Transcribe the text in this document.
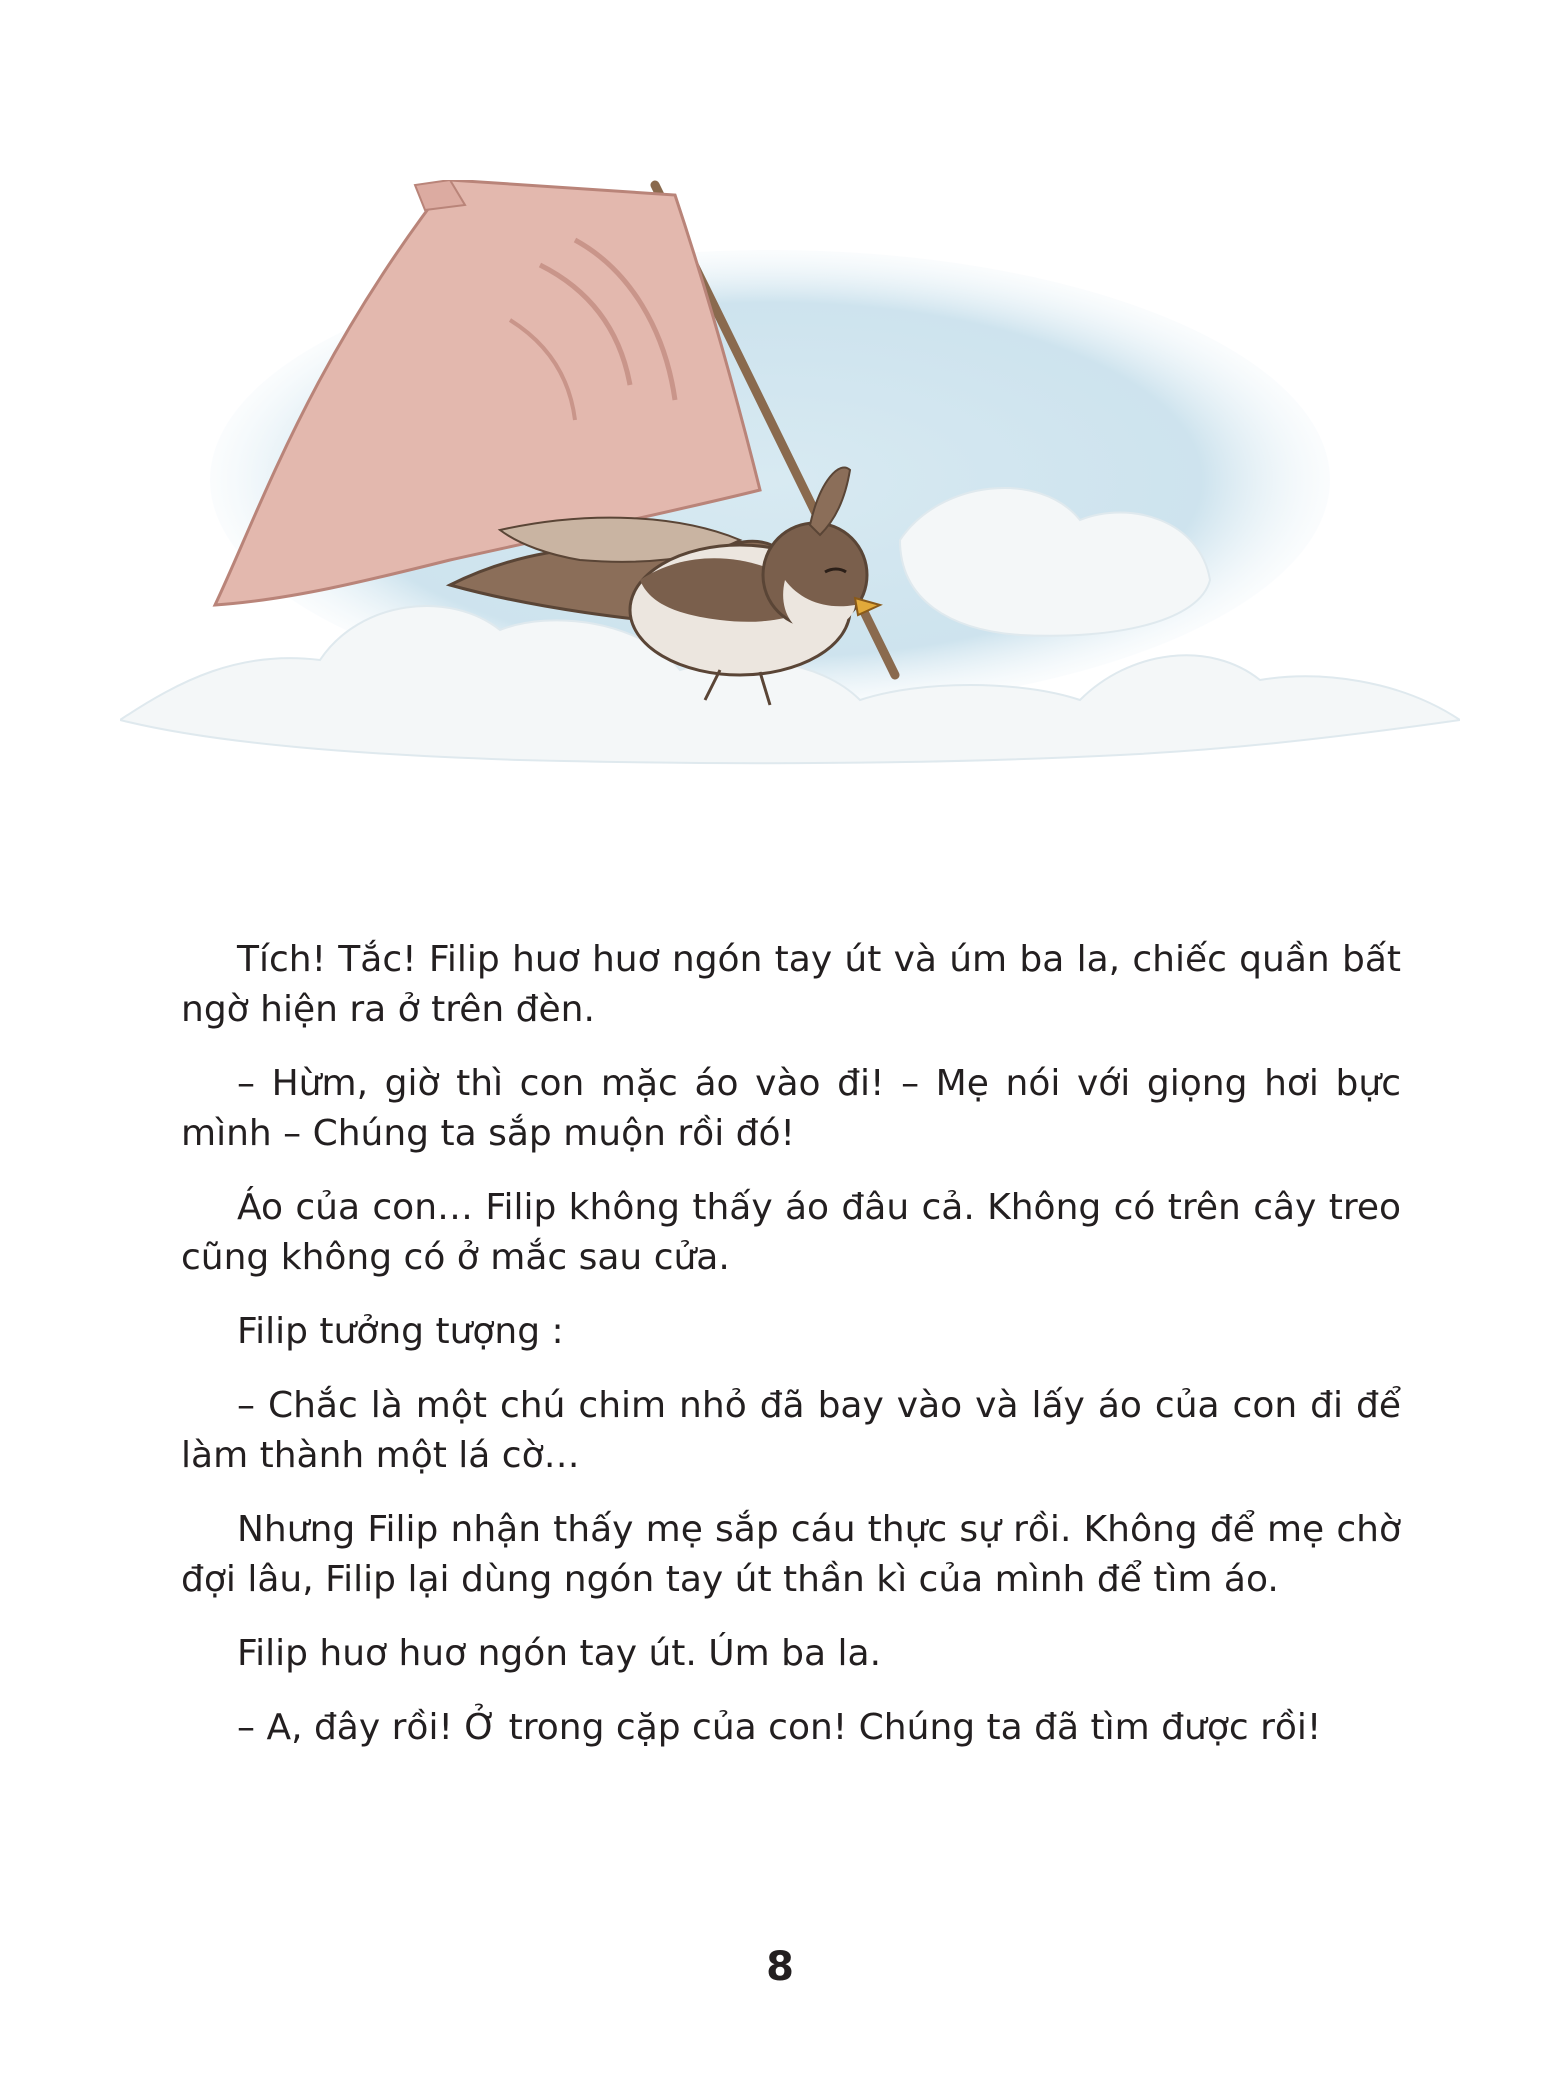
Tích! Tắc! Filip huơ huơ ngón tay út và úm ba la, chiếc quần bất ngờ hiện ra ở trên đèn.

– Hừm, giờ thì con mặc áo vào đi! – Mẹ nói với giọng hơi bực mình – Chúng ta sắp muộn rồi đó!

Áo của con… Filip không thấy áo đâu cả. Không có trên cây treo cũng không có ở mắc sau cửa.

Filip tưởng tượng :

– Chắc là một chú chim nhỏ đã bay vào và lấy áo của con đi để làm thành một lá cờ…

Nhưng Filip nhận thấy mẹ sắp cáu thực sự rồi. Không để mẹ chờ đợi lâu, Filip lại dùng ngón tay út thần kì của mình để tìm áo.

Filip huơ huơ ngón tay út. Úm ba la.

– A, đây rồi! Ở trong cặp của con! Chúng ta đã tìm được rồi!

8
